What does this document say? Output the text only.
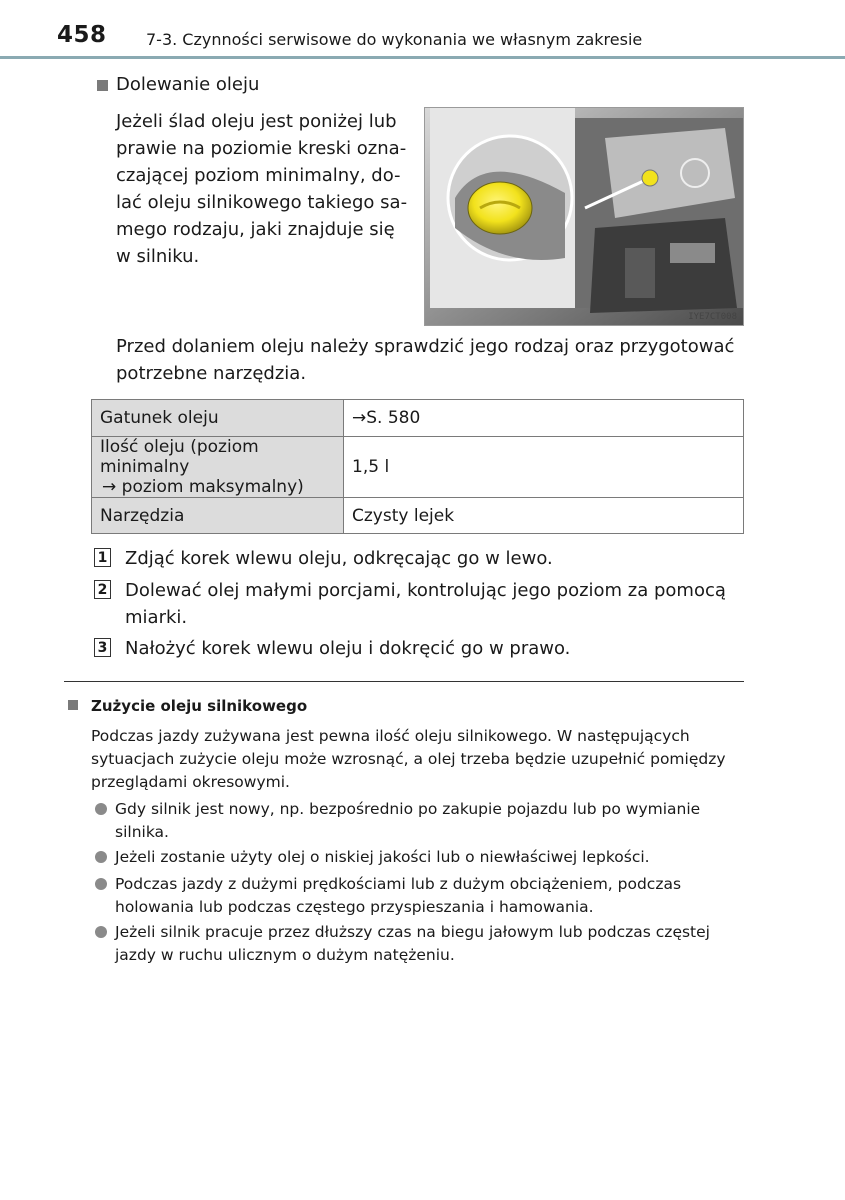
458 7-3. Czynności serwisowe do wykonania we własnym zakresie
Dolewanie oleju
Jeżeli ślad oleju jest poniżej lub
prawie na poziomie kreski ozna-
czającej poziom minimalny, do-
lać oleju silnikowego takiego sa-
mego rodzaju, jaki znajduje się
w silniku.
IYE7CT008
Przed dolaniem oleju należy sprawdzić jego rodzaj oraz przygotować
potrzebne narzędzia.
Gatunek oleju	→S. 580

Ilość oleju (poziom minimalny
→ poziom maksymalny)	1,5 l
Narzędzia	Czysty lejek
1 Zdjąć korek wlewu oleju, odkręcając go w lewo.
2 Dolewać olej małymi porcjami, kontrolując jego poziom za pomocą
miarki.
3 Nałożyć korek wlewu oleju i dokręcić go w prawo.
Zużycie oleju silnikowego
Podczas jazdy zużywana jest pewna ilość oleju silnikowego. W następujących
sytuacjach zużycie oleju może wzrosnąć, a olej trzeba będzie uzupełnić pomiędzy
przeglądami okresowymi.
Gdy silnik jest nowy, np. bezpośrednio po zakupie pojazdu lub po wymianie
silnika.
Jeżeli zostanie użyty olej o niskiej jakości lub o niewłaściwej lepkości.
Podczas jazdy z dużymi prędkościami lub z dużym obciążeniem, podczas
holowania lub podczas częstego przyspieszania i hamowania.
Jeżeli silnik pracuje przez dłuższy czas na biegu jałowym lub podczas częstej
jazdy w ruchu ulicznym o dużym natężeniu.
